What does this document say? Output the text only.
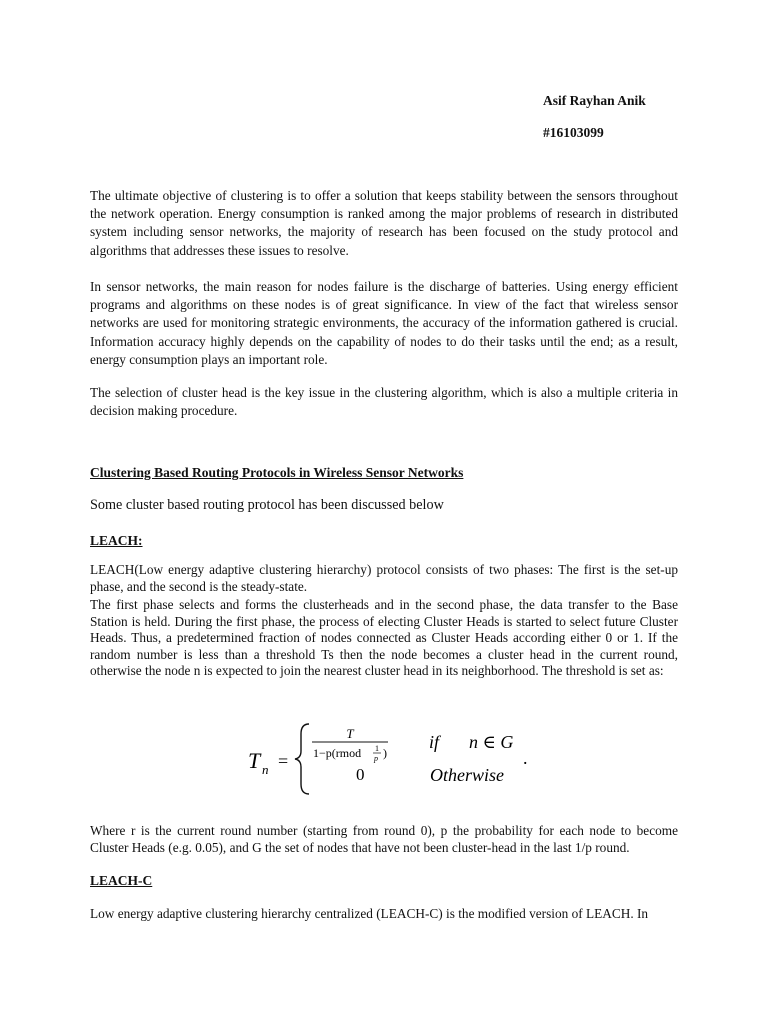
Asif Rayhan Anik
#16103099

The ultimate objective of clustering is to offer a solution that keeps stability between the sensors throughout the network operation. Energy consumption is ranked among the major problems of research in distributed system including sensor networks, the majority of research has been focused on the study protocol and algorithms that addresses these issues to resolve.

In sensor networks, the main reason for nodes failure is the discharge of batteries. Using energy efficient programs and algorithms on these nodes is of great significance. In view of the fact that wireless sensor networks are used for monitoring strategic environments, the accuracy of the information gathered is crucial. Information accuracy highly depends on the capability of nodes to do their tasks until the end; as a result, energy consumption plays an important role.

The selection of cluster head is the key issue in the clustering algorithm, which is also a multiple criteria in decision making procedure.

Clustering Based Routing Protocols in Wireless Sensor Networks

Some cluster based routing protocol has been discussed below

LEACH:

LEACH(Low energy adaptive clustering hierarchy) protocol consists of two phases: The first is the set-up phase, and the second is the steady-state.

The first phase selects and forms the clusterheads and in the second phase, the data transfer to the Base Station is held. During the first phase, the process of electing Cluster Heads is started to select future Cluster Heads. Thus, a predetermined fraction of nodes connected as Cluster Heads according either 0 or 1. If the random number is less than a threshold Ts then the node becomes a cluster head in the current round, otherwise the node n is expected to join the nearest cluster head in its neighborhood. The threshold is set as:

T n =
T
1−p(rmod 1
p )
0
if n ∈ G
Otherwise
.

Where r is the current round number (starting from round 0), p the probability for each node to become Cluster Heads (e.g. 0.05), and G the set of nodes that have not been cluster-head in the last 1/p round.

LEACH-C

Low energy adaptive clustering hierarchy centralized (LEACH-C) is the modified version of LEACH. In
